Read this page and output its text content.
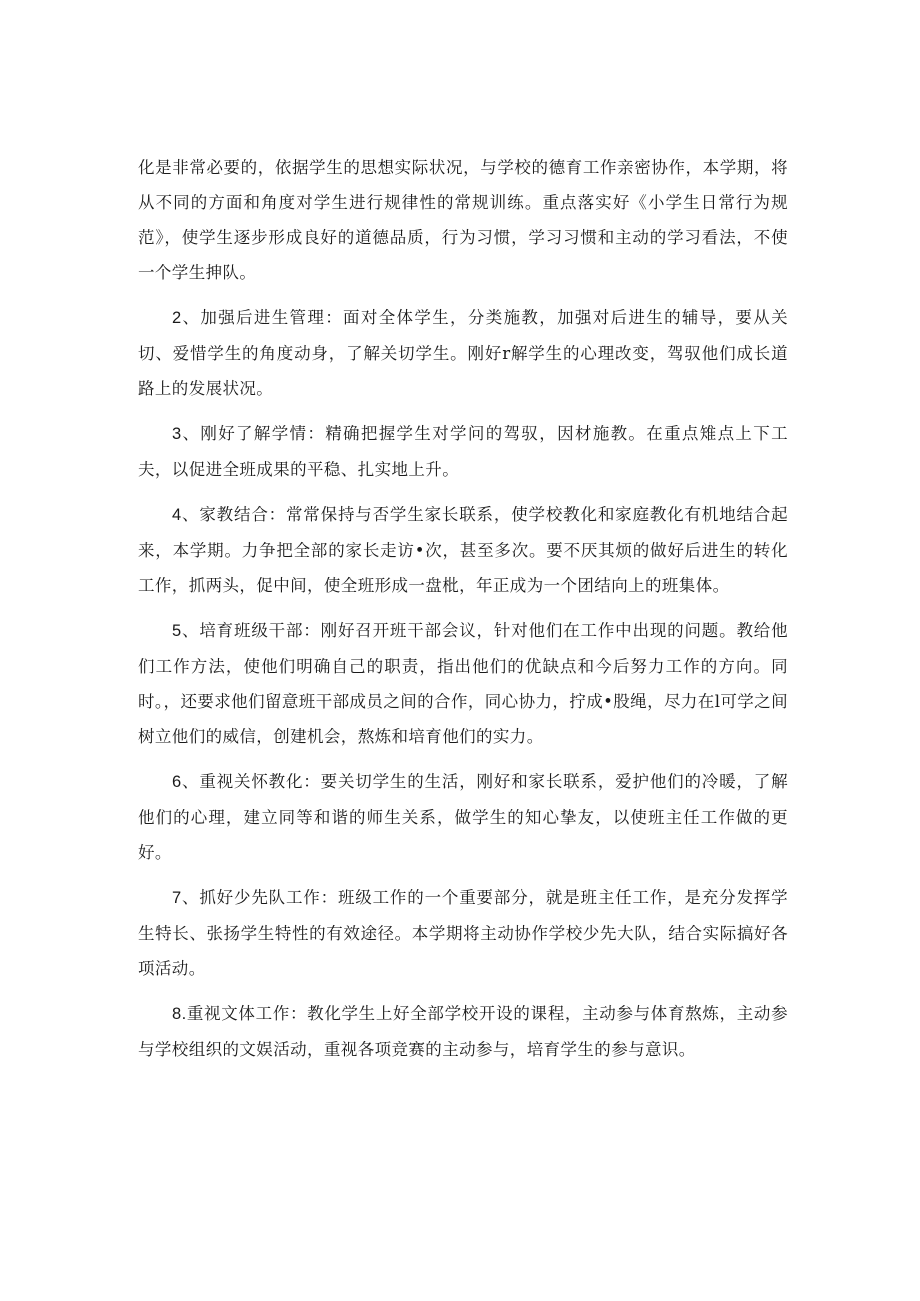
化是非常必要的，依据学生的思想实际状况，与学校的德育工作亲密协作，本学期，将从不同的方面和角度对学生进行规律性的常规训练。重点落实好《小学生日常行为规范》，使学生逐步形成良好的道德品质，行为习惯，学习习惯和主动的学习看法，不使一个学生抻队。

2、加强后进生管理：面对全体学生，分类施教，加强对后进生的辅导，要从关切、爱惜学生的角度动身，了解关切学生。刚好r解学生的心理改变，驾驭他们成长道路上的发展状况。

3、刚好了解学情：精确把握学生对学问的驾驭，因材施教。在重点雉点上下工夫，以促进全班成果的平稳、扎实地上升。

4、家教结合：常常保持与否学生家长联系，使学校教化和家庭教化有机地结合起来，本学期。力争把全部的家长走访•次，甚至多次。要不厌其烦的做好后进生的转化工作，抓两头，促中间，使全班形成一盘枇，年正成为一个团结向上的班集体。

5、培育班级干部：刚好召开班干部会议，针对他们在工作中出现的问题。教给他们工作方法，使他们明确自己的职责，指出他们的优缺点和今后努力工作的方向。同时。，还要求他们留意班干部成员之间的合作，同心协力，拧成•股绳，尽力在l可学之间树立他们的威信，创建机会，熬炼和培育他们的实力。

6、重视关怀教化：要关切学生的生活，刚好和家长联系，爱护他们的冷暖，了解他们的心理，建立同等和谐的师生关系，做学生的知心挚友，以使班主任工作做的更好。

7、抓好少先队工作：班级工作的一个重要部分，就是班主任工作，是充分发挥学生特长、张扬学生特性的有效途径。本学期将主动协作学校少先大队，结合实际搞好各项活动。

8.重视文体工作：教化学生上好全部学校开设的课程，主动参与体育熬炼，主动参与学校组织的文娱活动，重视各项竞赛的主动参与，培育学生的参与意识。
